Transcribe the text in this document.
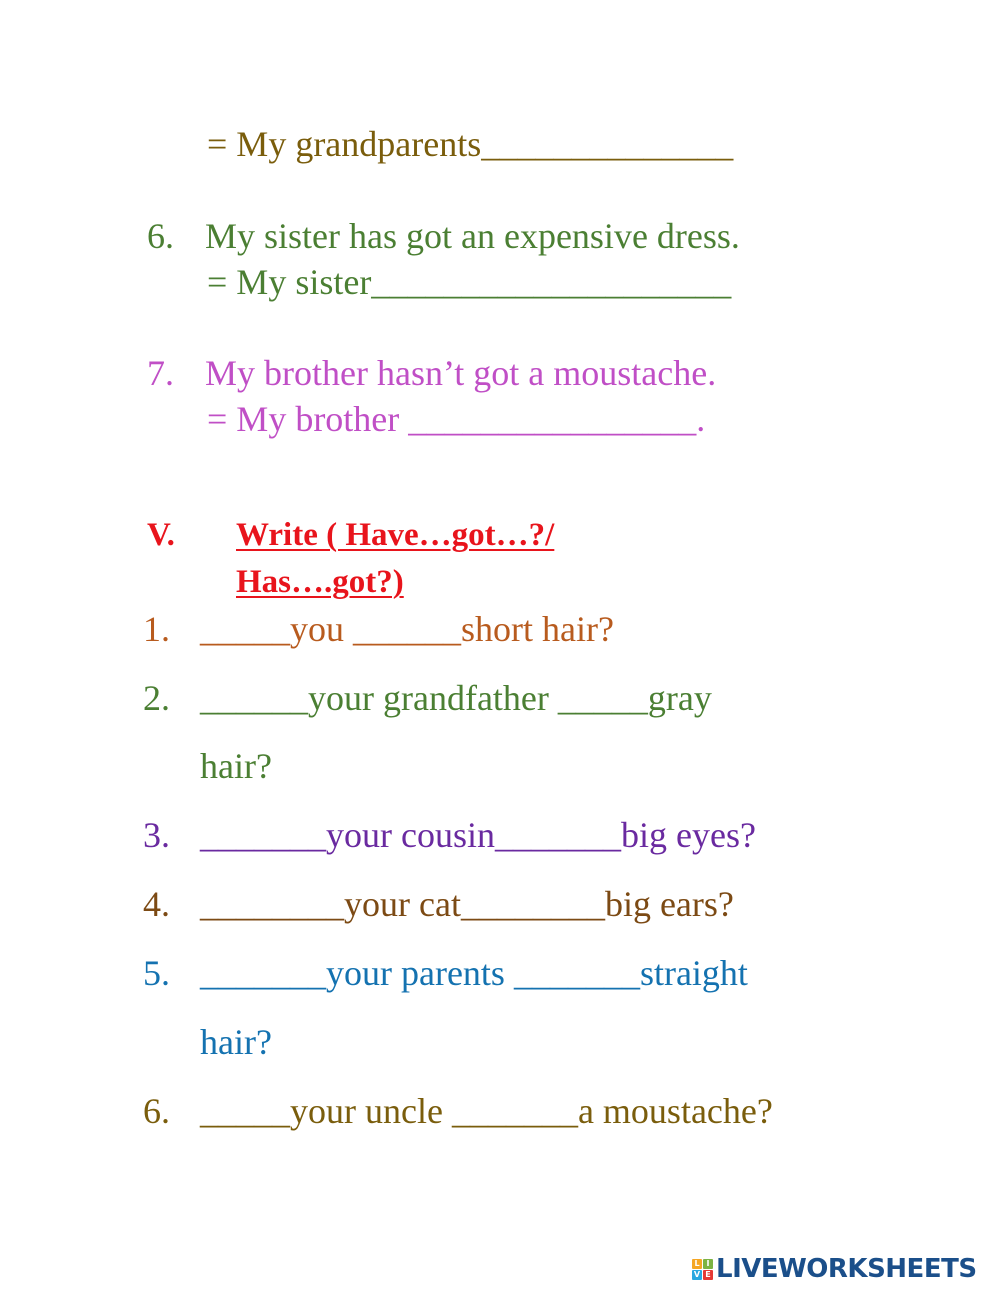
= My grandparents______________
6. My sister has got an expensive dress.
= My sister____________________
7. My brother hasn’t got a moustache.
= My brother ________________.
V. Write ( Have…got…?/
Has….got?)
1. _____you ______short hair?
2. ______your grandfather _____gray
hair?
3. _______your cousin_______big eyes?
4. ________your cat________big ears?
5. _______your parents _______straight
hair?
6. _____your uncle _______a moustache?
L I
V E LIVEWORKSHEETS
